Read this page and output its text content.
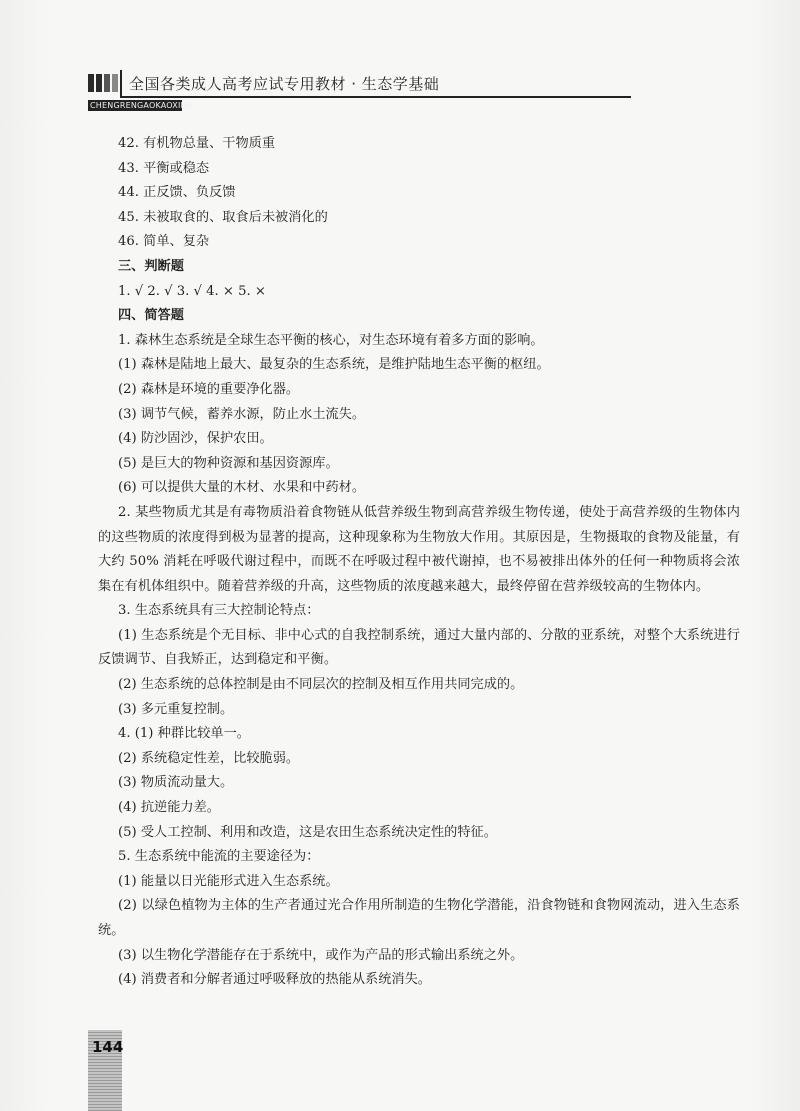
全国各类成人高考应试专用教材 · 生态学基础
CHENGRENGAOKAOXILIE

42. 有机物总量、干物质重

43. 平衡或稳态

44. 正反馈、负反馈

45. 未被取食的、取食后未被消化的

46. 简单、复杂

三、判断题

1. √ 2. √ 3. √ 4. × 5. ×

四、简答题

1. 森林生态系统是全球生态平衡的核心，对生态环境有着多方面的影响。

(1) 森林是陆地上最大、最复杂的生态系统，是维护陆地生态平衡的枢纽。

(2) 森林是环境的重要净化器。

(3) 调节气候，蓄养水源，防止水土流失。

(4) 防沙固沙，保护农田。

(5) 是巨大的物种资源和基因资源库。

(6) 可以提供大量的木材、水果和中药材。

2. 某些物质尤其是有毒物质沿着食物链从低营养级生物到高营养级生物传递，使处于高营养级的生物体内的这些物质的浓度得到极为显著的提高，这种现象称为生物放大作用。其原因是，生物摄取的食物及能量，有大约 50% 消耗在呼吸代谢过程中，而既不在呼吸过程中被代谢掉，也不易被排出体外的任何一种物质将会浓集在有机体组织中。随着营养级的升高，这些物质的浓度越来越大，最终停留在营养级较高的生物体内。

3. 生态系统具有三大控制论特点：

(1) 生态系统是个无目标、非中心式的自我控制系统，通过大量内部的、分散的亚系统，对整个大系统进行反馈调节、自我矫正，达到稳定和平衡。

(2) 生态系统的总体控制是由不同层次的控制及相互作用共同完成的。

(3) 多元重复控制。

4. (1) 种群比较单一。

(2) 系统稳定性差，比较脆弱。

(3) 物质流动量大。

(4) 抗逆能力差。

(5) 受人工控制、利用和改造，这是农田生态系统决定性的特征。

5. 生态系统中能流的主要途径为：

(1) 能量以日光能形式进入生态系统。

(2) 以绿色植物为主体的生产者通过光合作用所制造的生物化学潜能，沿食物链和食物网流动，进入生态系统。

(3) 以生物化学潜能存在于系统中，或作为产品的形式输出系统之外。

(4) 消费者和分解者通过呼吸释放的热能从系统消失。

144
